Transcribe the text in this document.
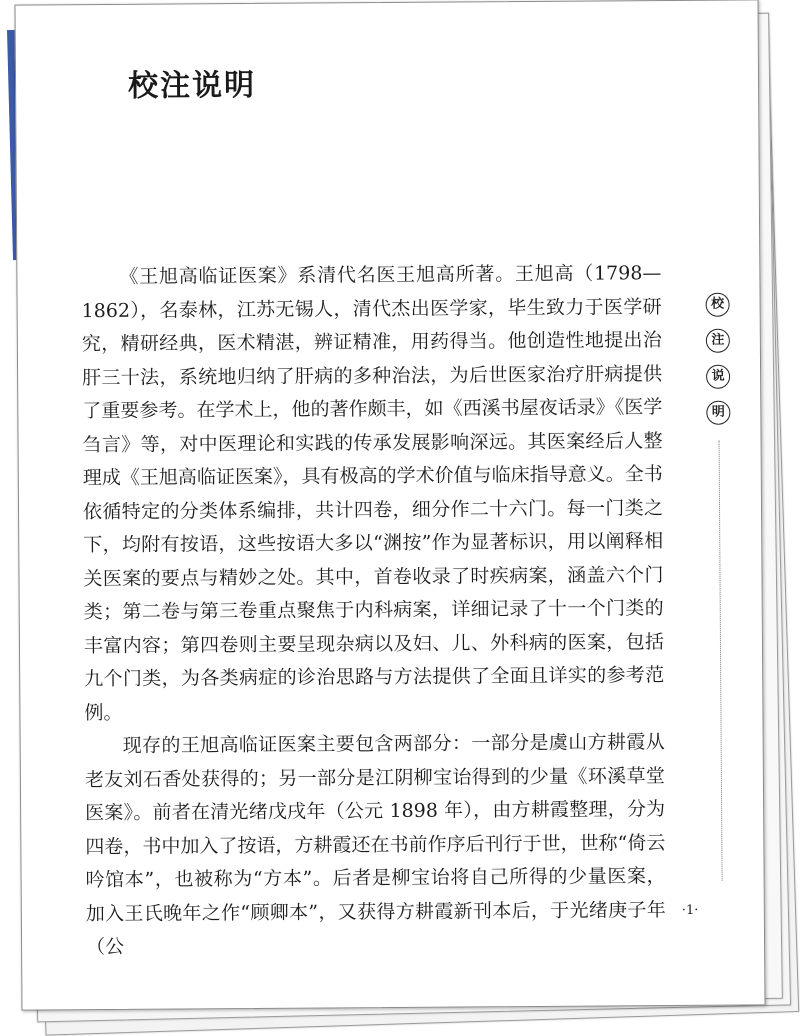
校注说明

《王旭高临证医案》系清代名医王旭高所著。王旭高（1798—1862），名泰林，江苏无锡人，清代杰出医学家，毕生致力于医学研究，精研经典，医术精湛，辨证精准，用药得当。他创造性地提出治肝三十法，系统地归纳了肝病的多种治法，为后世医家治疗肝病提供了重要参考。在学术上，他的著作颇丰，如《西溪书屋夜话录》《医学刍言》等，对中医理论和实践的传承发展影响深远。其医案经后人整理成《王旭高临证医案》，具有极高的学术价值与临床指导意义。全书依循特定的分类体系编排，共计四卷，细分作二十六门。每一门类之下，均附有按语，这些按语大多以“渊按”作为显著标识，用以阐释相关医案的要点与精妙之处。其中，首卷收录了时疾病案，涵盖六个门类；第二卷与第三卷重点聚焦于内科病案，详细记录了十一个门类的丰富内容；第四卷则主要呈现杂病以及妇、儿、外科病的医案，包括九个门类，为各类病症的诊治思路与方法提供了全面且详实的参考范例。

现存的王旭高临证医案主要包含两部分：一部分是虞山方耕霞从老友刘石香处获得的；另一部分是江阴柳宝诒得到的少量《环溪草堂医案》。前者在清光绪戊戌年（公元 1898 年），由方耕霞整理，分为四卷，书中加入了按语，方耕霞还在书前作序后刊行于世，世称“倚云吟馆本”，也被称为“方本”。后者是柳宝诒将自己所得的少量医案，加入王氏晚年之作“顾卿本”，又获得方耕霞新刊本后，于光绪庚子年（公

校
注
说
明
·1·
